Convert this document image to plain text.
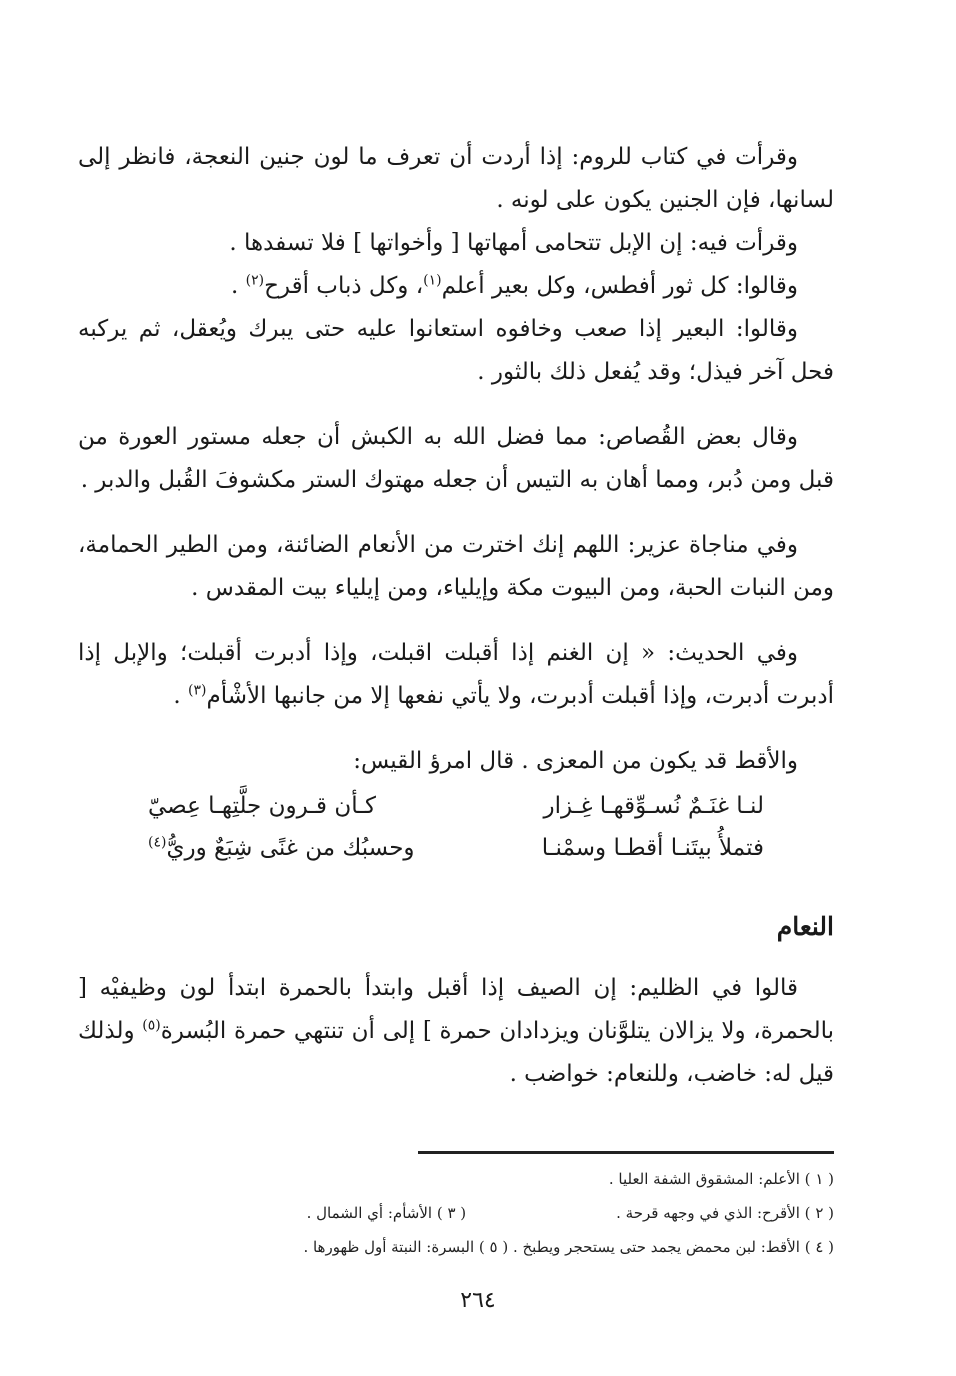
وقرأت في كتاب للروم: إذا أردت أن تعرف ما لون جنين النعجة، فانظر إلى لسانها، فإن الجنين يكون على لونه .

وقرأت فيه: إن الإبل تتحامى أمهاتها [ وأخواتها ] فلا تسفدها .

وقالوا: كل ثور أفطس، وكل بعير أعلم$^{(١)}$، وكل ذباب أقرح$^{(٢)}$ .

وقالوا: البعير إذا صعب وخافوه استعانوا عليه حتى يبرك ويُعقل، ثم يركبه فحل آخر فيذل؛ وقد يُفعل ذلك بالثور .

وقال بعض القُصاص: مما فضل الله به الكبش أن جعله مستور العورة من قبل ومن دُبر، ومما أهان به التيس أن جعله مهتوك الستر مكشوفَ القُبل والدبر .

وفي مناجاة عزير: اللهم إنك اخترت من الأنعام الضائنة، ومن الطير الحمامة، ومن النبات الحبة، ومن البيوت مكة وإيلياء، ومن إيلياء بيت المقدس .

وفي الحديث: « إن الغنم إذا أقبلت اقبلت، وإذا أدبرت أقبلت؛ والإبل إذا أدبرت أدبرت، وإذا أقبلت أدبرت، ولا يأتي نفعها إلا من جانبها الأشْأم$^{(٣)}$ .

والأقط قد يكون من المعزى . قال امرؤ القيس:

لنـا غنَـمٌ نُسـوِّقهـا غِـزار
كـأن قـرون جلَّتِهـا عِصيّ
فتملأُ بيتَنـا أقطـا وسمْنـا
وحسبُك من غنًى شِبَعٌ وريُّ$^{(٤)}$
النعام

قالوا في الظليم: إن الصيف إذا أقبل وابتدأ بالحمرة ابتدأ لون وظيفيْه [ بالحمرة، ولا يزالان يتلوَّنان ويزدادان حمرة ] إلى أن تنتهي حمرة البُسرة$^{(٥)}$ ولذلك قيل له: خاضب، وللنعام: خواضب .

( ١ ) الأعلم: المشقوق الشفة العليا .
( ٢ ) الأقرح: الذي في وجهه قرحة .
( ٣ ) الأشأم: أي الشمال .
( ٤ ) الأقط: لبن محمض يجمد حتى يستحجر ويطبخ . ( ٥ ) البسرة: النبتة أول ظهورها .
٢٦٤
